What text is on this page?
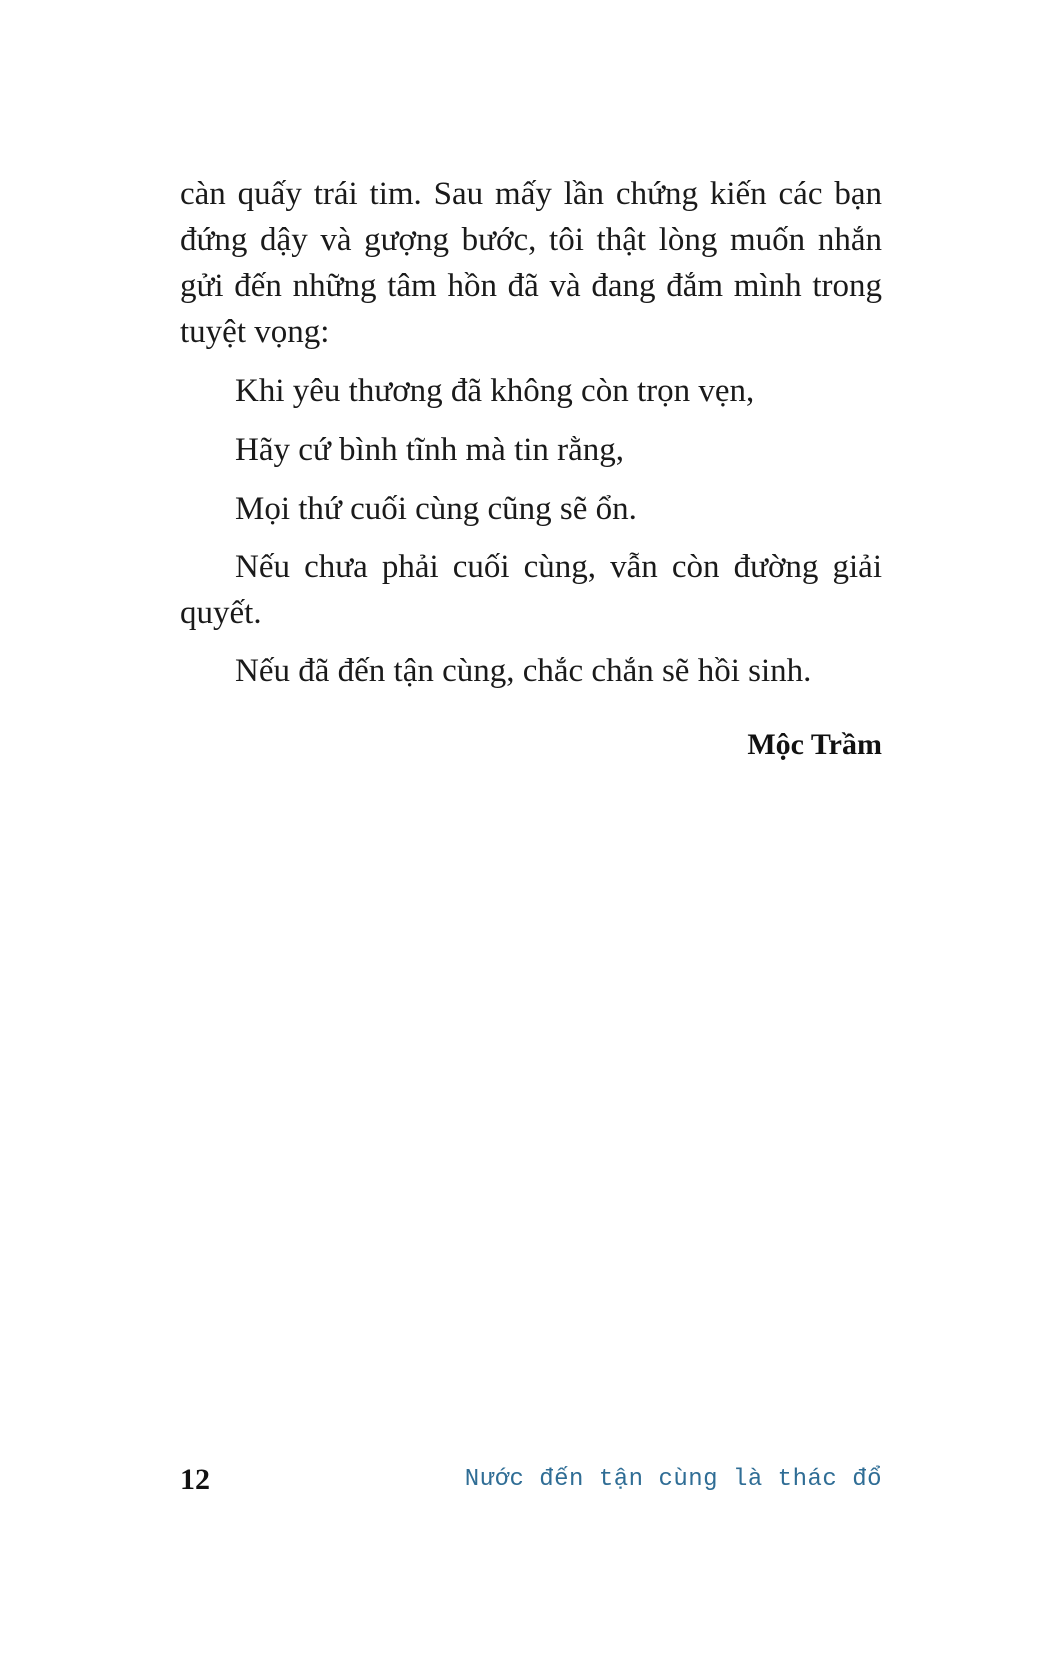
càn quấy trái tim. Sau mấy lần chứng kiến các bạn đứng dậy và gượng bước, tôi thật lòng muốn nhắn gửi đến những tâm hồn đã và đang đắm mình trong tuyệt vọng:

Khi yêu thương đã không còn trọn vẹn,

Hãy cứ bình tĩnh mà tin rằng,

Mọi thứ cuối cùng cũng sẽ ổn.

Nếu chưa phải cuối cùng, vẫn còn đường giải quyết.

Nếu đã đến tận cùng, chắc chắn sẽ hồi sinh.

Mộc Trầm
12	Nước đến tận cùng là thác đổ
